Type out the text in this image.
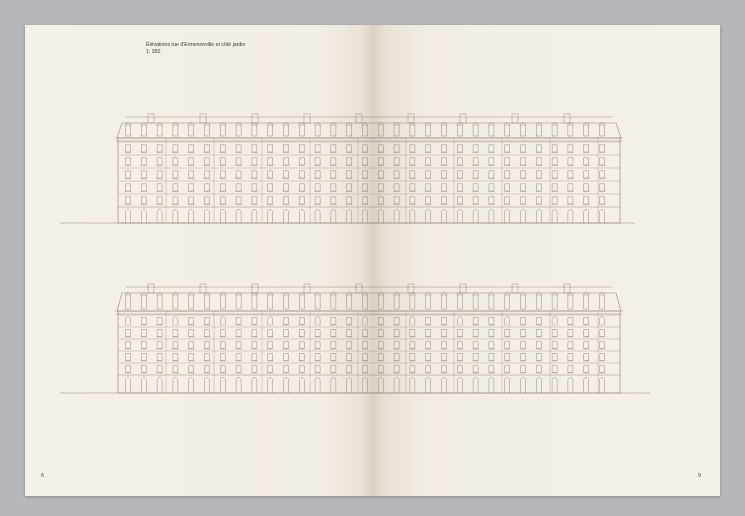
Élévations rue d'Ermenonville et côté jardin
1: 350
6	9
